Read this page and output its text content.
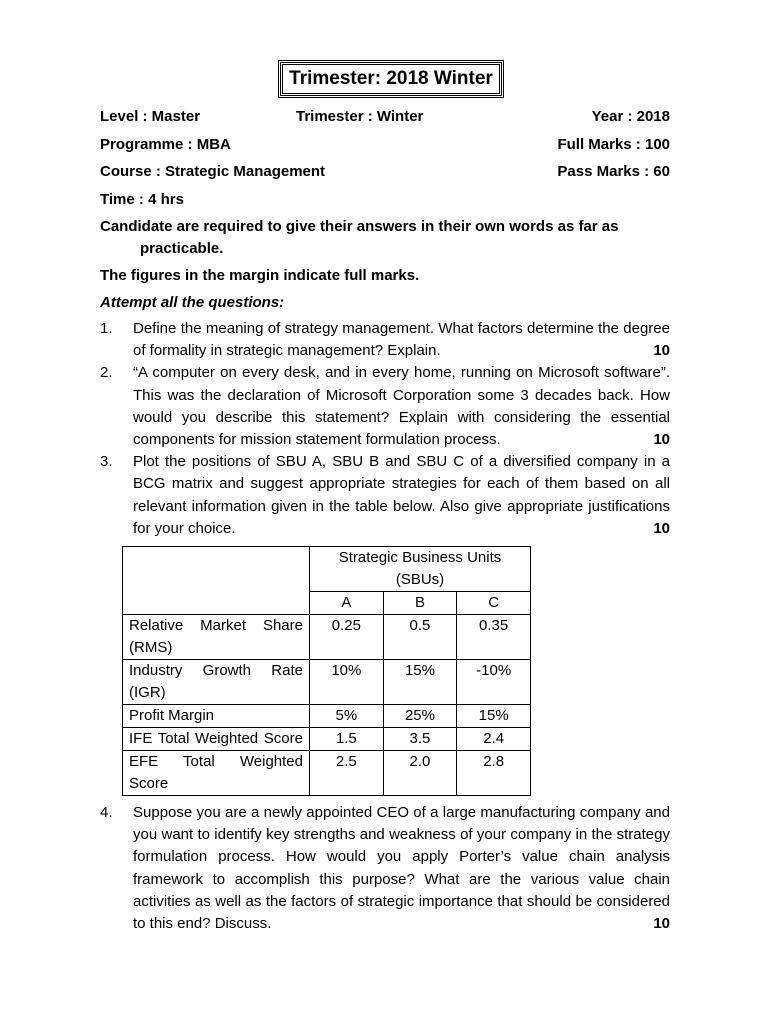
Trimester: 2018 Winter
Level : Master	Trimester : Winter	Year : 2018
Programme : MBA	Full Marks : 100
Course : Strategic Management	Pass Marks : 60
Time : 4 hrs

Candidate are required to give their answers in their own words as far as
practicable.

The figures in the margin indicate full marks.

Attempt all the questions:
1. Define the meaning of strategy management. What factors determine the degree of formality in strategic management? Explain.	10
2. “A computer on every desk, and in every home, running on Microsoft software”. This was the declaration of Microsoft Corporation some 3 decades back. How would you describe this statement? Explain with considering the essential components for mission statement formulation process.	10
3. Plot the positions of SBU A, SBU B and SBU C of a diversified company in a BCG matrix and suggest appropriate strategies for each of them based on all relevant information given in the table below. Also give appropriate justifications for your choice.	10
	Strategic Business Units (SBUs)		
	A	B	C
Relative Market Share (RMS)	0.25	0.5	0.35
Industry Growth Rate (IGR)	10%	15%	-10%
Profit Margin	5%	25%	15%
IFE Total Weighted Score	1.5	3.5	2.4
EFE Total Weighted Score	2.5	2.0	2.8
4. Suppose you are a newly appointed CEO of a large manufacturing company and you want to identify key strengths and weakness of your company in the strategy formulation process. How would you apply Porter’s value chain analysis framework to accomplish this purpose? What are the various value chain activities as well as the factors of strategic importance that should be considered to this end? Discuss.	10
